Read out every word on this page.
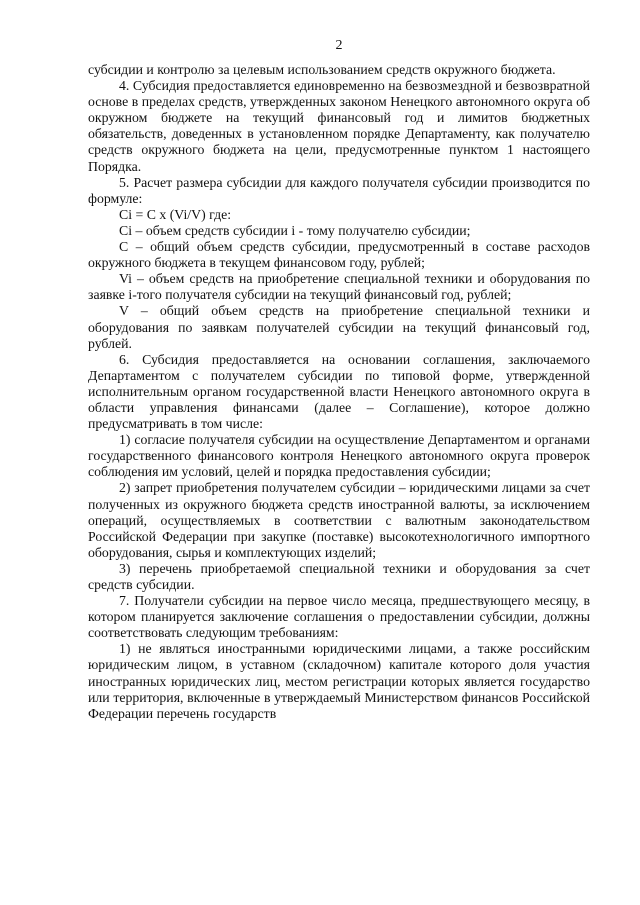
2

субсидии и контролю за целевым использованием средств окружного бюджета.

4. Субсидия предоставляется единовременно на безвозмездной и безвозвратной основе в пределах средств, утвержденных законом Ненецкого автономного округа об окружном бюджете на текущий финансовый год и лимитов бюджетных обязательств, доведенных в установленном порядке Департаменту, как получателю средств окружного бюджета на цели, предусмотренные пунктом 1 настоящего Порядка.

5. Расчет размера субсидии для каждого получателя субсидии производится по формуле:

Ci = C x (Vi/V) где:

Ci – объем средств субсидии i - тому получателю субсидии;

C – общий объем средств субсидии, предусмотренный в составе расходов окружного бюджета в текущем финансовом году, рублей;

Vi – объем средств на приобретение специальной техники и оборудования по заявке i-того получателя субсидии на текущий финансовый год, рублей;

V – общий объем средств на приобретение специальной техники и оборудования по заявкам получателей субсидии на текущий финансовый год, рублей.

6. Субсидия предоставляется на основании соглашения, заключаемого Департаментом с получателем субсидии по типовой форме, утвержденной исполнительным органом государственной власти Ненецкого автономного округа в области управления финансами (далее – Соглашение), которое должно предусматривать в том числе:

1) согласие получателя субсидии на осуществление Департаментом и органами государственного финансового контроля Ненецкого автономного округа проверок соблюдения им условий, целей и порядка предоставления субсидии;

2) запрет приобретения получателем субсидии – юридическими лицами за счет полученных из окружного бюджета средств иностранной валюты, за исключением операций, осуществляемых в соответствии с валютным законодательством Российской Федерации при закупке (поставке) высокотехнологичного импортного оборудования, сырья и комплектующих изделий;

3) перечень приобретаемой специальной техники и оборудования за счет средств субсидии.

7. Получатели субсидии на первое число месяца, предшествующего месяцу, в котором планируется заключение соглашения о предоставлении субсидии, должны соответствовать следующим требованиям:

1) не являться иностранными юридическими лицами, а также российским юридическим лицом, в уставном (складочном) капитале которого доля участия иностранных юридических лиц, местом регистрации которых является государство или территория, включенные в утверждаемый Министерством финансов Российской Федерации перечень государств
